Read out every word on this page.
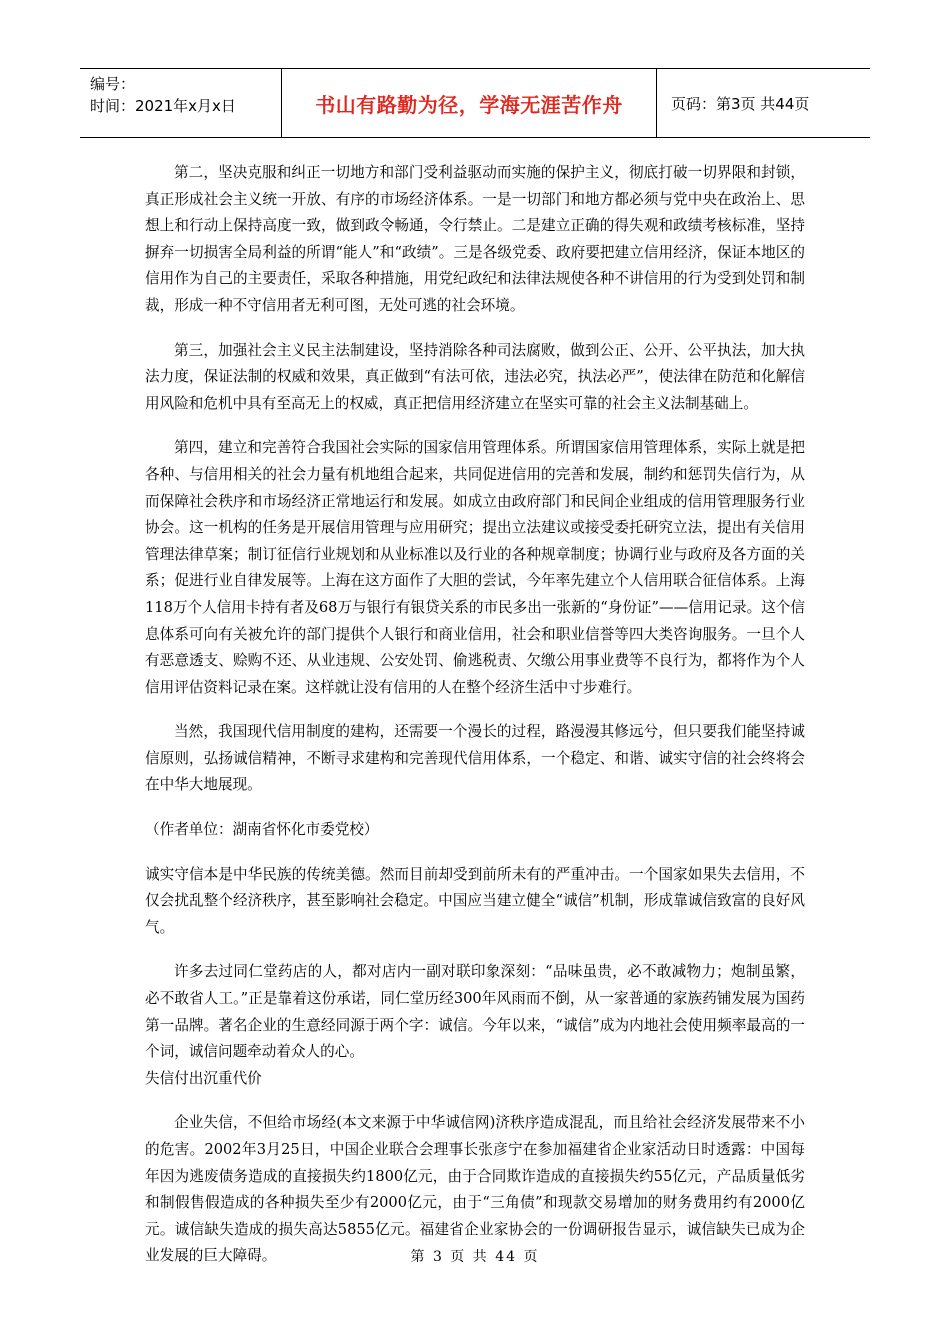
编号：
时间：2021年x月x日	书山有路勤为径，学海无涯苦作舟	页码：第3页 共44页

第二，坚决克服和纠正一切地方和部门受利益驱动而实施的保护主义，彻底打破一切界限和封锁，真正形成社会主义统一开放、有序的市场经济体系。一是一切部门和地方都必须与党中央在政治上、思想上和行动上保持高度一致，做到政令畅通，令行禁止。二是建立正确的得失观和政绩考核标准，坚持摒弃一切损害全局利益的所谓“能人”和“政绩”。三是各级党委、政府要把建立信用经济，保证本地区的信用作为自己的主要责任，采取各种措施，用党纪政纪和法律法规使各种不讲信用的行为受到处罚和制裁，形成一种不守信用者无利可图，无处可逃的社会环境。

第三，加强社会主义民主法制建设，坚持消除各种司法腐败，做到公正、公开、公平执法，加大执法力度，保证法制的权威和效果，真正做到“有法可依，违法必究，执法必严”，使法律在防范和化解信用风险和危机中具有至高无上的权威，真正把信用经济建立在坚实可靠的社会主义法制基础上。

第四，建立和完善符合我国社会实际的国家信用管理体系。所谓国家信用管理体系，实际上就是把各种、与信用相关的社会力量有机地组合起来，共同促进信用的完善和发展，制约和惩罚失信行为，从而保障社会秩序和市场经济正常地运行和发展。如成立由政府部门和民间企业组成的信用管理服务行业协会。这一机构的任务是开展信用管理与应用研究；提出立法建议或接受委托研究立法，提出有关信用管理法律草案；制订征信行业规划和从业标准以及行业的各种规章制度；协调行业与政府及各方面的关系；促进行业自律发展等。上海在这方面作了大胆的尝试，今年率先建立个人信用联合征信体系。上海118万个人信用卡持有者及68万与银行有银贷关系的市民多出一张新的“身份证”——信用记录。这个信息体系可向有关被允许的部门提供个人银行和商业信用，社会和职业信誉等四大类咨询服务。一旦个人有恶意透支、赊购不还、从业违规、公安处罚、偷逃税责、欠缴公用事业费等不良行为，都将作为个人信用评估资料记录在案。这样就让没有信用的人在整个经济生活中寸步难行。

当然，我国现代信用制度的建构，还需要一个漫长的过程，路漫漫其修远兮，但只要我们能坚持诚信原则，弘扬诚信精神，不断寻求建构和完善现代信用体系，一个稳定、和谐、诚实守信的社会终将会在中华大地展现。

（作者单位：湖南省怀化市委党校）

诚实守信本是中华民族的传统美德。然而目前却受到前所未有的严重冲击。一个国家如果失去信用，不仅会扰乱整个经济秩序，甚至影响社会稳定。中国应当建立健全“诚信”机制，形成靠诚信致富的良好风气。

许多去过同仁堂药店的人，都对店内一副对联印象深刻：“品味虽贵，必不敢减物力；炮制虽繁，必不敢省人工。”正是靠着这份承诺，同仁堂历经300年风雨而不倒，从一家普通的家族药铺发展为国药第一品牌。著名企业的生意经同源于两个字：诚信。今年以来，“诚信”成为内地社会使用频率最高的一个词，诚信问题牵动着众人的心。

失信付出沉重代价

企业失信，不但给市场经(本文来源于中华诚信网)济秩序造成混乱，而且给社会经济发展带来不小的危害。2002年3月25日，中国企业联合会理事长张彦宁在参加福建省企业家活动日时透露：中国每年因为逃废债务造成的直接损失约1800亿元，由于合同欺诈造成的直接损失约55亿元，产品质量低劣和制假售假造成的各种损失至少有2000亿元，由于“三角债”和现款交易增加的财务费用约有2000亿元。诚信缺失造成的损失高达5855亿元。福建省企业家协会的一份调研报告显示，诚信缺失已成为企业发展的巨大障碍。	第 3 页 共 44 页
